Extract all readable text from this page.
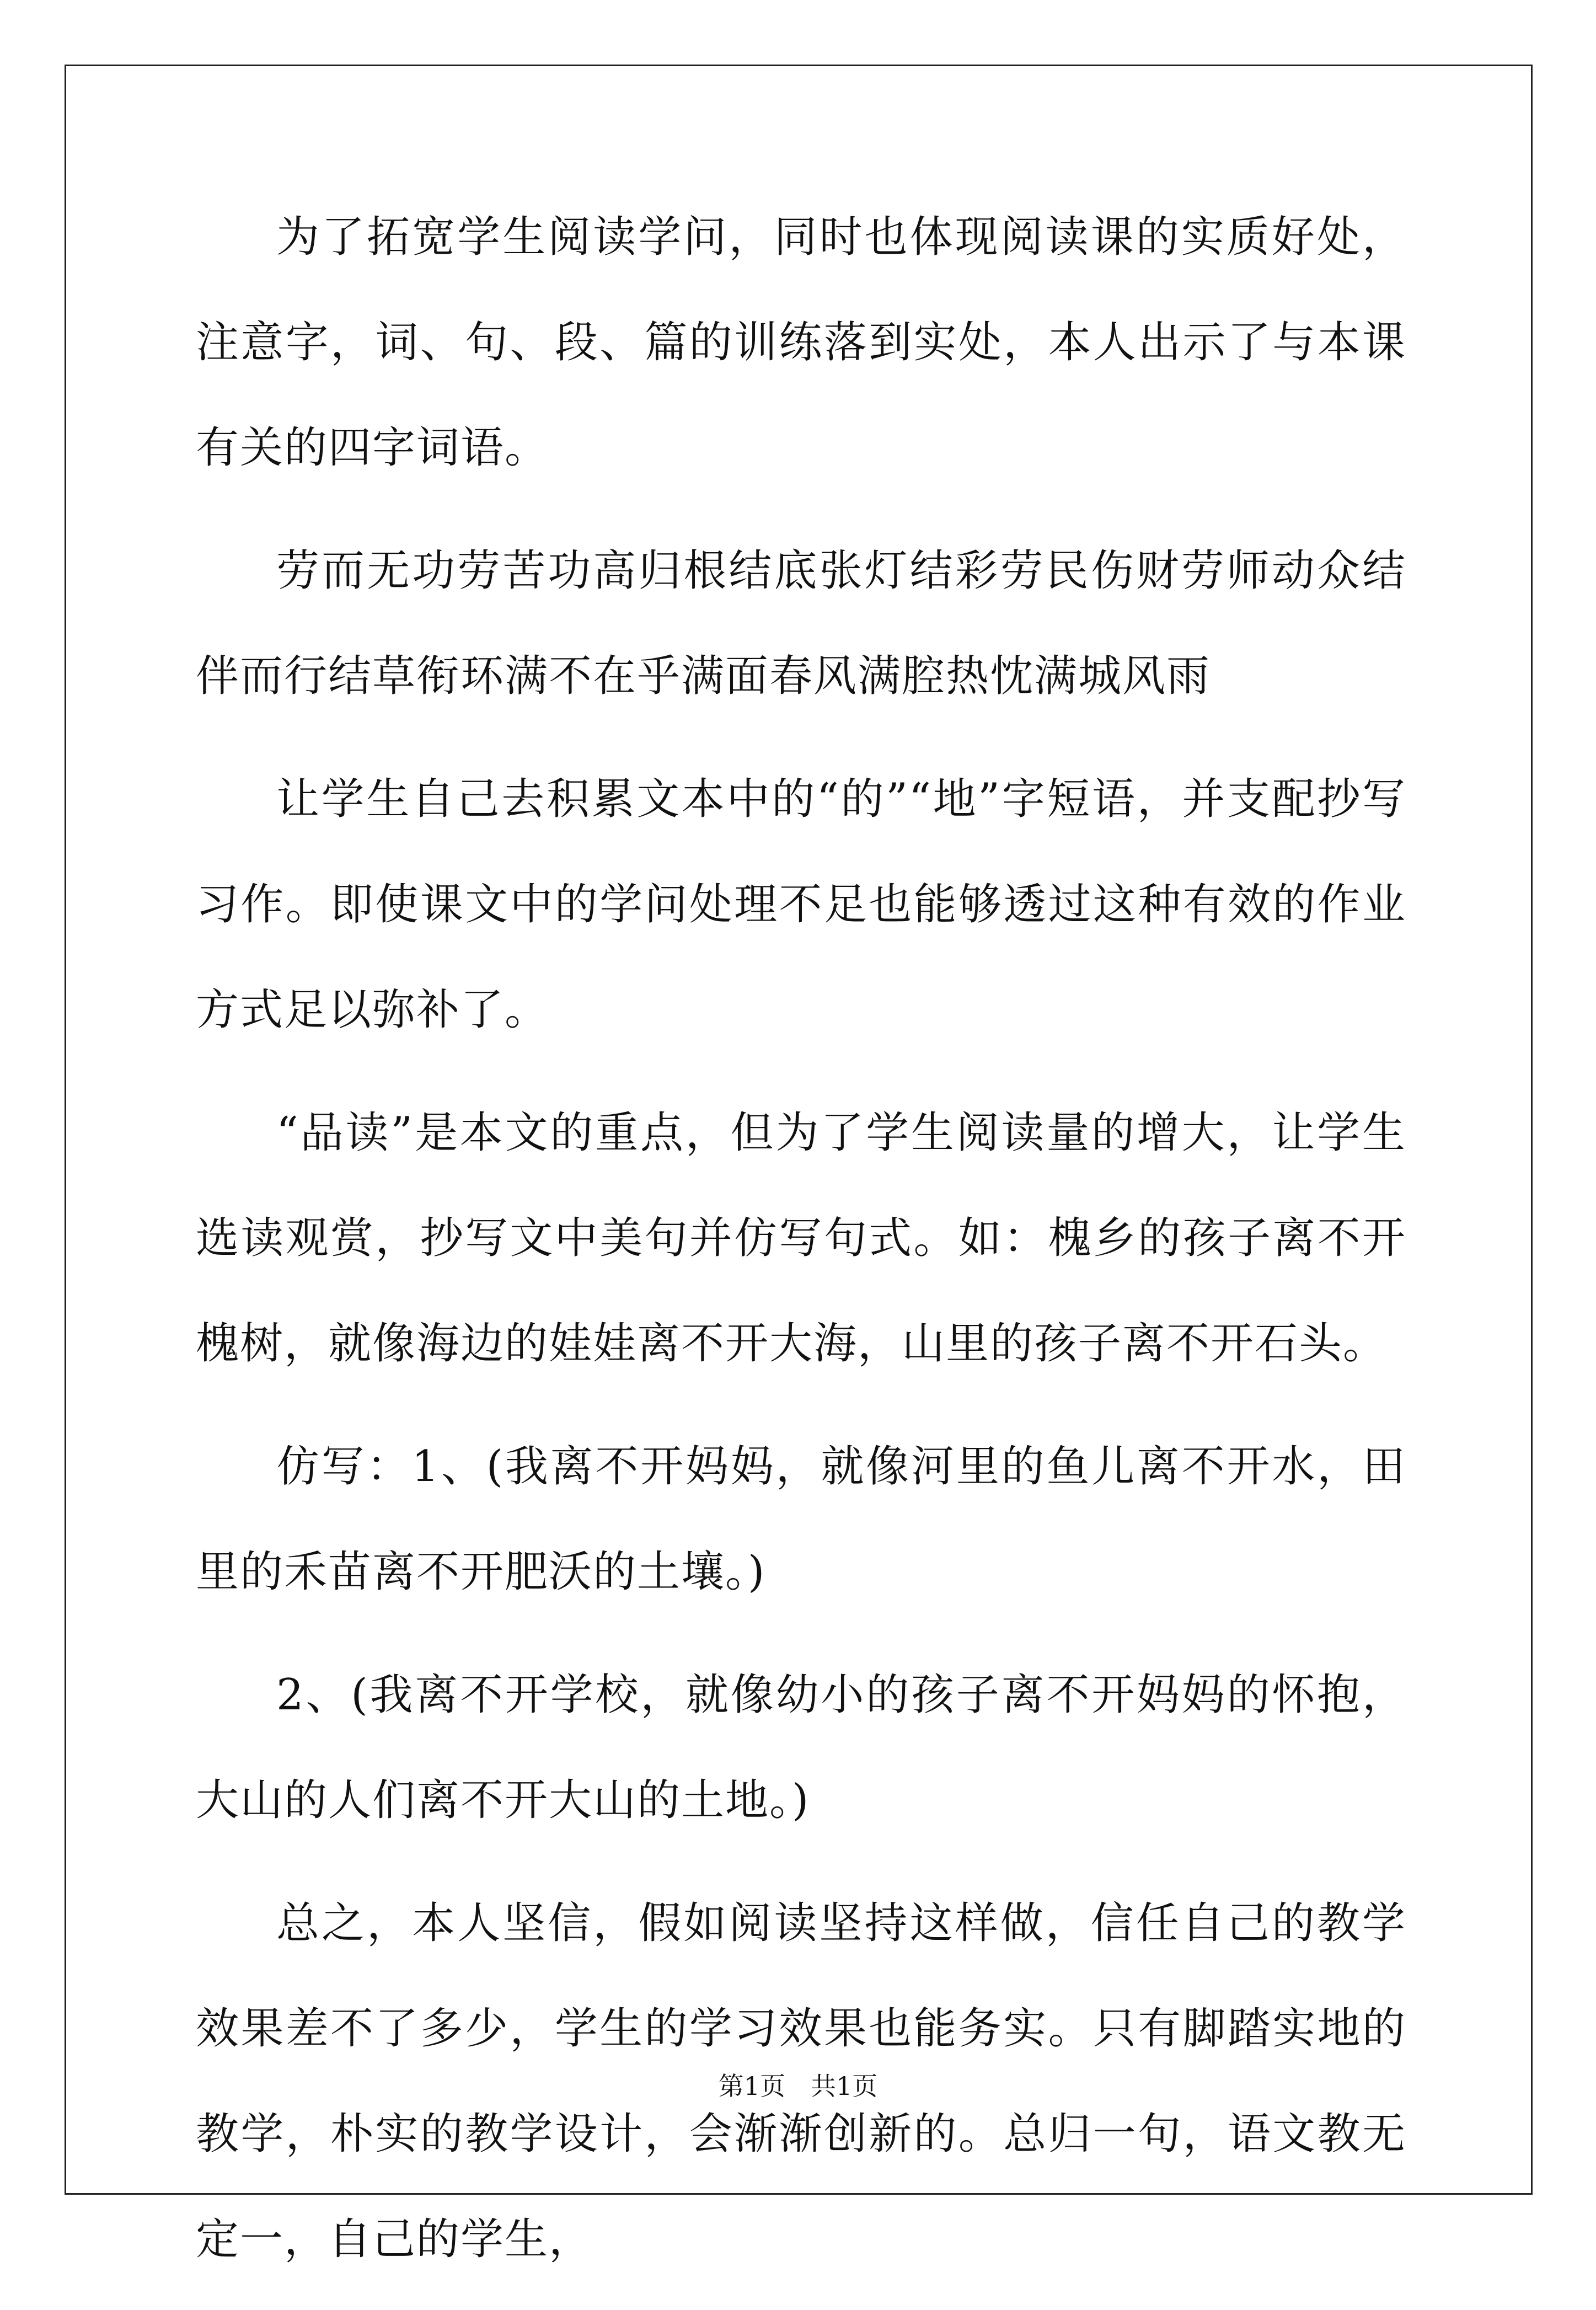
为了拓宽学生阅读学问，同时也体现阅读课的实质好处，注意字，词、句、段、篇的训练落到实处，本人出示了与本课有关的四字词语。

劳而无功劳苦功高归根结底张灯结彩劳民伤财劳师动众结伴而行结草衔环满不在乎满面春风满腔热忱满城风雨

让学生自己去积累文本中的“的”“地”字短语，并支配抄写习作。即使课文中的学问处理不足也能够透过这种有效的作业方式足以弥补了。

“品读”是本文的重点，但为了学生阅读量的增大，让学生选读观赏，抄写文中美句并仿写句式。如：槐乡的孩子离不开槐树，就像海边的娃娃离不开大海，山里的孩子离不开石头。

仿写：1、(我离不开妈妈，就像河里的鱼儿离不开水，田里的禾苗离不开肥沃的土壤。)

2、(我离不开学校，就像幼小的孩子离不开妈妈的怀抱，大山的人们离不开大山的土地。)

总之，本人坚信，假如阅读坚持这样做，信任自己的教学效果差不了多少，学生的学习效果也能务实。只有脚踏实地的教学，朴实的教学设计，会渐渐创新的。总归一句，语文教无定一，自己的学生，

第1页　共1页
